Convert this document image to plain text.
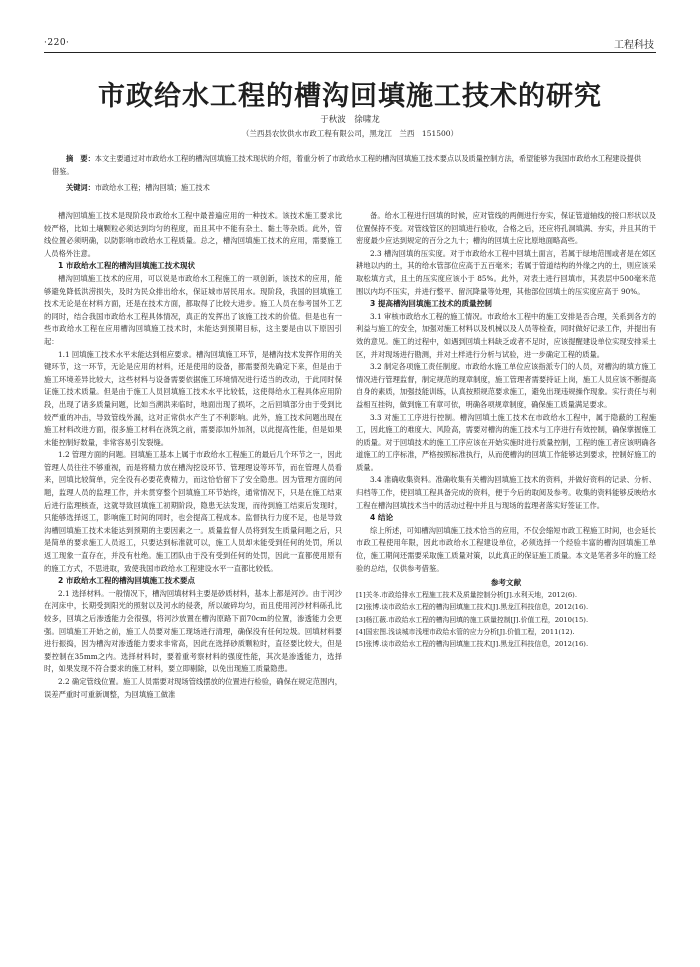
·220·	工程科技
市政给水工程的槽沟回填施工技术的研究
于秋波　徐啸龙
（兰西县农饮供水市政工程有限公司，黑龙江　兰西　151500）
摘　要：本文主要通过对市政给水工程的槽沟回填施工技术现状的介绍，着重分析了市政给水工程的槽沟回填施工技术要点以及质量控制方法，希望能够为我国市政给水工程建设提供借鉴。
关键词：市政给水工程；槽沟回填；施工技术

槽沟回填施工技术是现阶段市政给水工程中最普遍应用的一种技术。该技术施工要求比较严格，比如土壤颗粒必须达到均匀的程度，而且其中不能有杂土、黏土等杂质。此外，管线位置必须明确，以防影响市政给水工程质量。总之，槽沟回填施工技术的应用，需要施工人员格外注意。

1 市政给水工程的槽沟回填施工技术现状

槽沟回填施工技术的应用，可以说是市政给水工程施工的一项创新，该技术的应用，能够避免降低洪涝损失，及时为民众排出给水，保证城市居民用水。现阶段，我国的回填施工技术无论是在材料方面，还是在技术方面，都取得了比较大进步。施工人员在参考国外工艺的同时，结合我国市政给水工程具体情况，真正的发挥出了该施工技术的价值。但是也有一些市政给水工程在应用槽沟回填施工技术时，未能达到预期目标，这主要是由以下原因引起：

1.1 回填施工技术水平未能达到相应要求。槽沟回填施工环节，是槽沟技术发挥作用的关键环节，这一环节，无论是应用的材料，还是使用的设备，都需要预先确定下来，但是由于施工环境差异比较大，这些材料与设备需要依据施工环境情况进行适当的改动，于此同时保证施工技术质量。但是由于施工人员回填施工技术水平比较低，这使得给水工程具体应用阶段，出现了诸多质量问题，比如当溯洪来临时，地面出现了损坏，之后回填部分由于受到比较严重的冲击，导致管线外漏，这对正常供水产生了不利影响。此外，施工技术问题出现在施工材料改进方面，很多施工材料在浇筑之前，需要添加外加剂，以此提高性能，但是如果未能控制好数量，非常容易引发裂缝。

1.2 管理方面的问题。回填施工基本上属于市政给水工程施工的最后几个环节之一，因此管理人员往往不够重视，而是将精力放在槽沟挖设环节、管理理设等环节，而在管理人员看来，回填比较简单，完全没有必要花费精力，而这恰恰留下了安全隐患。因为管理方面的问题，监理人员的监理工作，并未贯穿整个回填施工环节始终，通常情况下，只是在施工结束后进行监理核查，这就导致回填施工初期阶段，隐患无法发现，而待到施工结束后发现时，只能够选择返工，影响施工时间的同时，也会提高工程成本。监督执行力度不足，也是导致沟槽回填施工技术未能达到预期的主要因素之一。质量监督人员将到发生质量问题之后，只是简单的要求施工人员返工，只要达到标准就可以，施工人员却未能受到任何的处罚，所以返工现象一直存在，并没有杜绝。施工团队由于没有受到任何的处罚，因此一直都使用原有的施工方式，不思进取，致使我国市政给水工程建设水平一直都比较低。

2 市政给水工程的槽沟回填施工技术要点

2.1 选择材料。一般情况下，槽沟回填材料主要是砂质材料，基本上都是河沙。由于河沙在河床中，长期受到阳光的照射以及河水的侵袭，所以破碎均匀，而且使用河沙材料砾孔比较多，回填之后渗透能力会很强，将河沙放置在槽沟原路下面70cm的位置，渗透能力会更强。回填施工开始之前，施工人员要对施工现场进行清理，确保没有任何垃圾。回填材料要进行振捣，因为槽沟对渗透能力要求非常高，因此在选择砂质颗粒时，直径要比较大，但是要控制在35mm之内。选择材料时，要着重考察材料的强度性能，其次是渗透能力，选择时，如果发现不符合要求的施工材料，要立即剔除，以免出现施工质量隐患。

2.2 确定管线位置。施工人员需要对现场管线摆放的位置进行检验，确保在规定范围内，误差严重时可重新调整，为回填施工做准

备。给水工程进行回填的时候，应对管线的两侧进行夯实，保证管道轴线的接口形状以及位置保持不变。对管线管区的回填进行验收，合格之后，还应将孔洞填满、夯实，并且其的干密度最少应达到规定的百分之九十；槽沟的回填土应比原地面略高些。

2.3 槽沟回填的压实度。对于市政给水工程中回填土面言，若属于绿地范围或者是在郊区耕地以内的土，其的给水管部位应高于五百毫米；若属于管道结构的外缘之内的土，则应该采取松填方式，且土的压实度应该小于 85%。此外，对表土进行回填市，其表层中500毫米范围以内均不压实，并进行整平、留沉降量等处理，其他部位回填土的压实度应高于 90%。

3 提高槽沟回填施工技术的质量控制

3.1 审核市政给水工程的施工情况。市政给水工程中的施工安排是否合理，关系到各方的利益与施工的安全，加强对施工材料以及机械以及人员等检查，同时做好记录工作，并提出有效的意见。施工的过程中，如遇到回填土料缺乏或者不足时，应该提醒建设单位实现安排采土区，并对现场进行勘测，并对土样进行分析与试验，进一步确定工程的质量。

3.2 制定各项施工责任制度。市政给水施工单位应该指派专门的人员，对槽沟的填方施工情况进行管理监督，制定规范的现章制度，施工管理者需要持证上岗，施工人员应该不断提高自身的素质，加强技能训练，认真按照规范要求施工，避免出现违规操作现象。实行责任与利益相互挂钩，做到施工有章可依，明确各项规章制度，确保施工质量满足要求。

3.3 对施工工序进行控制。槽沟回填土施工技术在市政给水工程中，属于隐蔽的工程施工，因此施工的难度大、风险高，需要对槽沟的施工技术与工序进行有效控制，确保掌握施工的质量。对于回填技术的施工工序应该在开始实施时进行质量控制，工程的施工者应该明确各道施工的工序标准，严格按照标准执行，从而使槽沟的回填工作能够达到要求，控制好施工的质量。

3.4 准确收集资料。准确收集有关槽沟回填施工技术的资料，并做好资料的记录、分析、归档等工作，使回填工程具备完成的资料，便于今后的取阅及参考。收集的资料能够反映给水工程在槽沟回填技术当中的活动过程中并且与现场的监理者落实好签证工作。

4 结论

综上所述，可知槽沟回填施工技术恰当的应用，不仅会缩短市政工程施工时间，也会延长市政工程使用年限，因此市政给水工程建设单位，必须选择一个经验丰富的槽沟回填施工单位，施工期间还需要采取施工质量对策，以此真正的保证施工质量。本文是笔者多年的施工经验的总结，仅供参考借鉴。

参考文献

[1]关冬.市政给排水工程施工技术及质量控制分析[J].水利天地，2012(6).

[2]张博.谈市政给水工程的槽沟回填施工技术[J].黑龙江科技信息，2012(16).

[3]杨江薇.市政给水工程的槽沟回填的施工质量控制[J].价值工程，2010(15).

[4]国宏图.浅谈城市浅埋市政给水管的应力分析[J].价值工程，2011(12).

[5]张博.谈市政给水工程的槽沟回填施工技术[J].黑龙江科技信息，2012(16).
